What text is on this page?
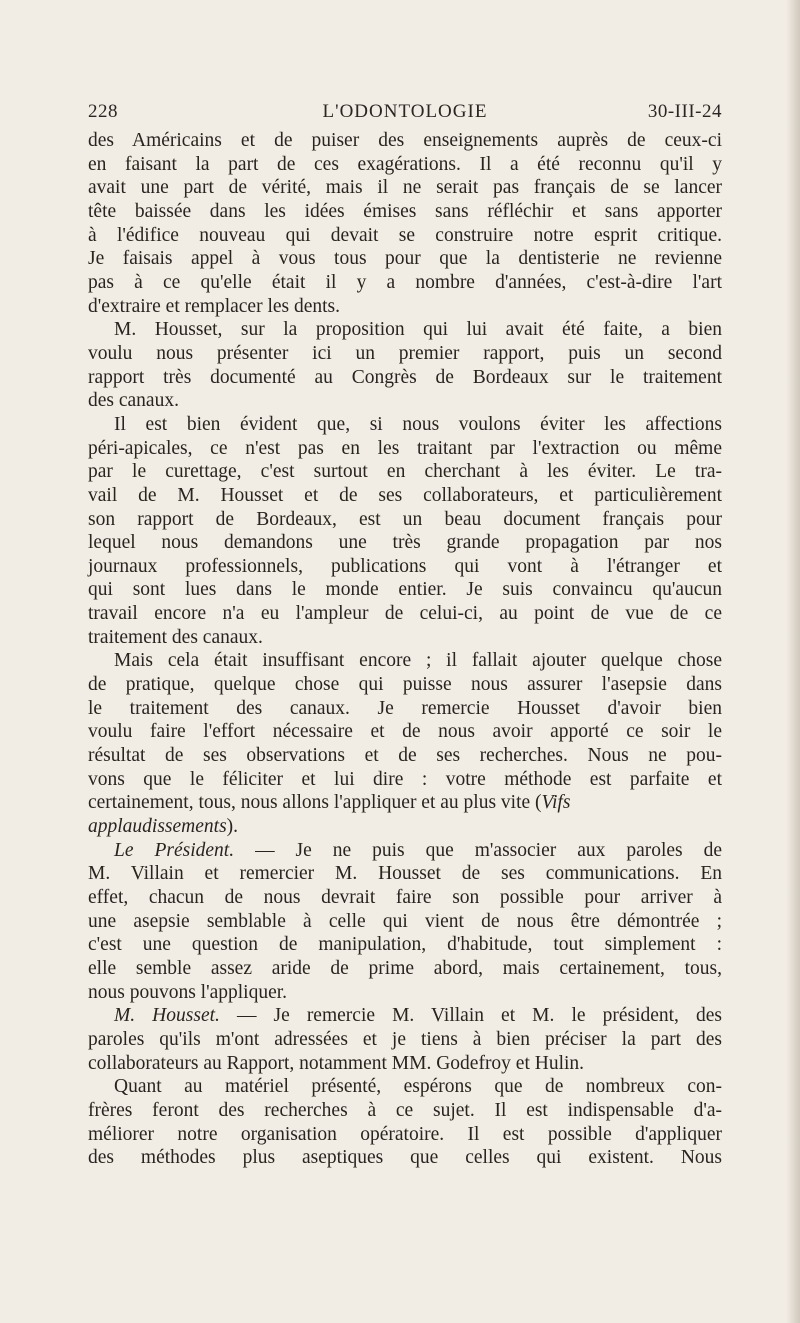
228	L'ODONTOLOGIE	30-III-24
des Américains et de puiser des enseignements auprès de ceux-ci
en faisant la part de ces exagérations. Il a été reconnu qu'il y
avait une part de vérité, mais il ne serait pas français de se lancer
tête baissée dans les idées émises sans réfléchir et sans apporter
à l'édifice nouveau qui devait se construire notre esprit critique.
Je faisais appel à vous tous pour que la dentisterie ne revienne
pas à ce qu'elle était il y a nombre d'années, c'est-à-dire l'art
d'extraire et remplacer les dents.
M. Housset, sur la proposition qui lui avait été faite, a bien
voulu nous présenter ici un premier rapport, puis un second
rapport très documenté au Congrès de Bordeaux sur le traitement
des canaux.
Il est bien évident que, si nous voulons éviter les affections
péri-apicales, ce n'est pas en les traitant par l'extraction ou même
par le curettage, c'est surtout en cherchant à les éviter. Le tra-
vail de M. Housset et de ses collaborateurs, et particulièrement
son rapport de Bordeaux, est un beau document français pour
lequel nous demandons une très grande propagation par nos
journaux professionnels, publications qui vont à l'étranger et
qui sont lues dans le monde entier. Je suis convaincu qu'aucun
travail encore n'a eu l'ampleur de celui-ci, au point de vue de ce
traitement des canaux.
Mais cela était insuffisant encore ; il fallait ajouter quelque chose
de pratique, quelque chose qui puisse nous assurer l'asepsie dans
le traitement des canaux. Je remercie Housset d'avoir bien
voulu faire l'effort nécessaire et de nous avoir apporté ce soir le
résultat de ses observations et de ses recherches. Nous ne pou-
vons que le féliciter et lui dire : votre méthode est parfaite et
certainement, tous, nous allons l'appliquer et au plus vite (Vifs
applaudissements).
Le Président. — Je ne puis que m'associer aux paroles de
M. Villain et remercier M. Housset de ses communications. En
effet, chacun de nous devrait faire son possible pour arriver à
une asepsie semblable à celle qui vient de nous être démontrée ;
c'est une question de manipulation, d'habitude, tout simplement :
elle semble assez aride de prime abord, mais certainement, tous,
nous pouvons l'appliquer.
M. Housset. — Je remercie M. Villain et M. le président, des
paroles qu'ils m'ont adressées et je tiens à bien préciser la part des
collaborateurs au Rapport, notamment MM. Godefroy et Hulin.
Quant au matériel présenté, espérons que de nombreux con-
frères feront des recherches à ce sujet. Il est indispensable d'a-
méliorer notre organisation opératoire. Il est possible d'appliquer
des méthodes plus aseptiques que celles qui existent. Nous
